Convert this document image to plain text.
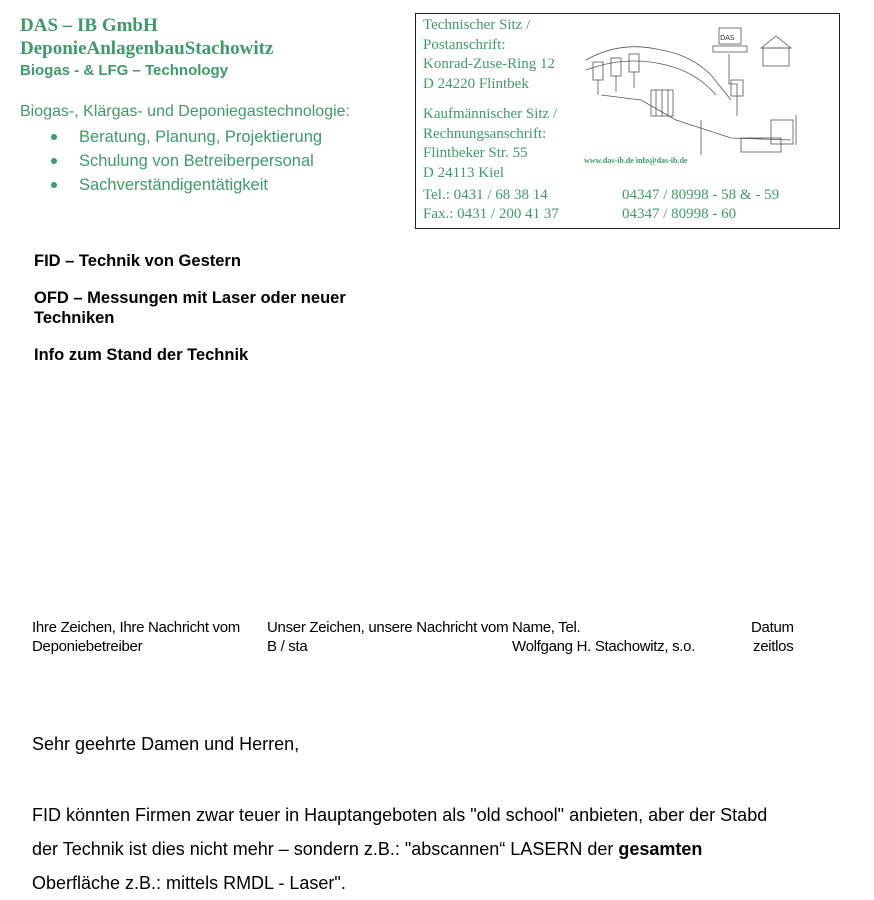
DAS – IB GmbH
DeponieAnlagenbauStachowitz
Biogas - & LFG – Technology
Biogas-, Klärgas- und Deponiegastechnologie:
Beratung, Planung, Projektierung
Schulung von Betreiberpersonal
Sachverständigentätigkeit
Technischer Sitz /
Postanschrift:
Konrad-Zuse-Ring 12
D 24220 Flintbek
Kaufmännischer Sitz /
Rechnungsanschrift:
Flintbeker Str. 55
D 24113 Kiel
DAS
www.das-ib.de info@das-ib.de
Tel.: 0431 / 68 38 14
Fax.: 0431 / 200 41 37
04347 / 80998 - 58 & - 59
04347 / 80998 - 60
FID – Technik von Gestern
OFD – Messungen mit Laser oder neuer Techniken
Info zum Stand der Technik
Ihre Zeichen, Ihre Nachricht vom
Deponiebetreiber
Unser Zeichen, unsere Nachricht vom
B / sta
Name, Tel.
Wolfgang H. Stachowitz, s.o.
Datum
zeitlos
Sehr geehrte Damen und Herren,
FID könnten Firmen zwar teuer in Hauptangeboten als "old school" anbieten, aber der Stabd
der Technik ist dies nicht mehr – sondern z.B.: "abscannen“ LASERN der gesamten
Oberfläche z.B.: mittels RMDL - Laser".
